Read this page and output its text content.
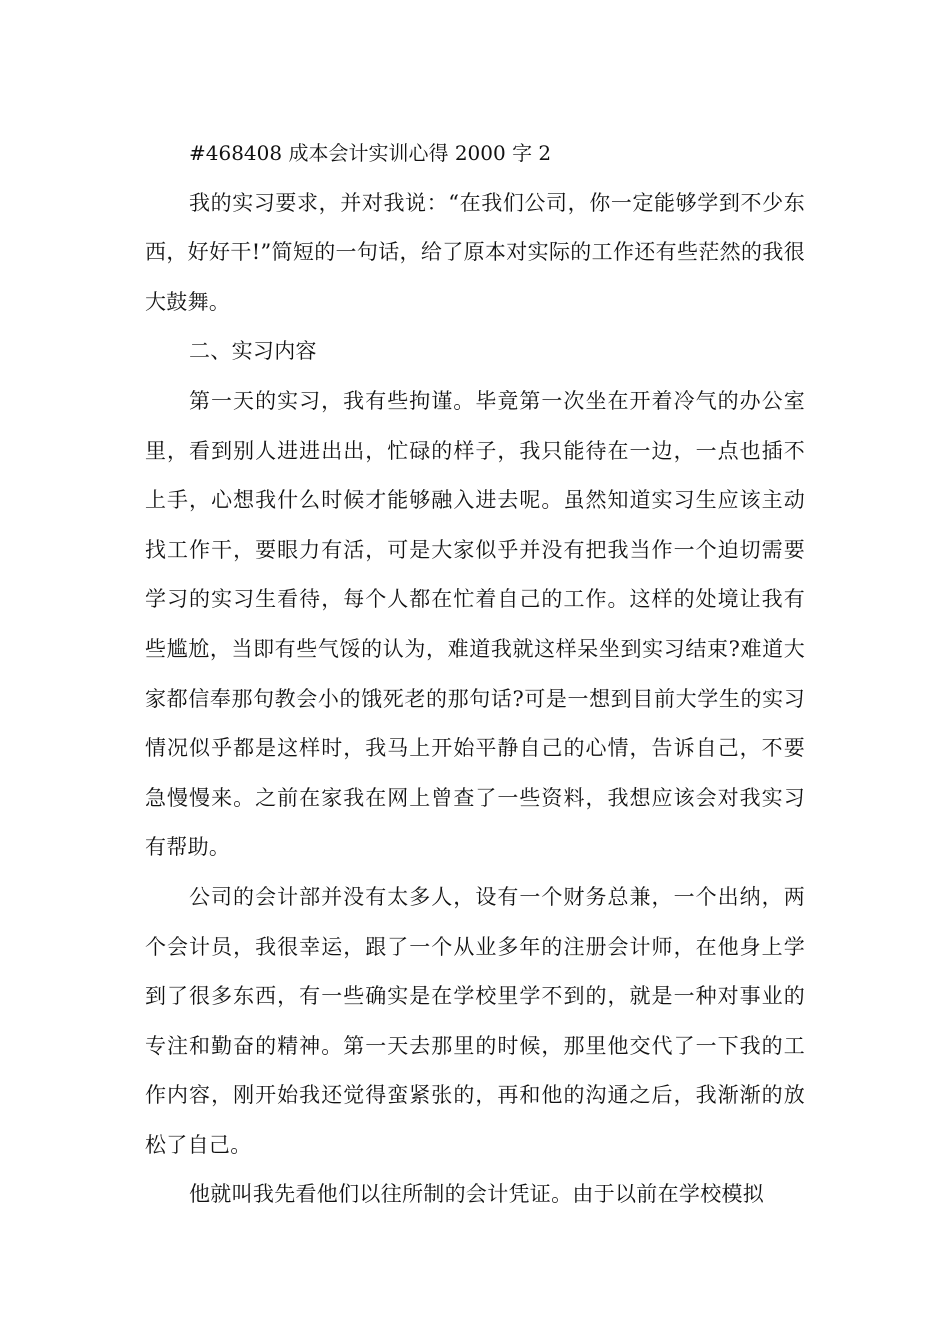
#468408 成本会计实训心得 2000 字 2

我的实习要求，并对我说：“在我们公司，你一定能够学到不少东西，好好干!”简短的一句话，给了原本对实际的工作还有些茫然的我很大鼓舞。

二、实习内容

第一天的实习，我有些拘谨。毕竟第一次坐在开着冷气的办公室里，看到别人进进出出，忙碌的样子，我只能待在一边，一点也插不上手，心想我什么时候才能够融入进去呢。虽然知道实习生应该主动找工作干，要眼力有活，可是大家似乎并没有把我当作一个迫切需要学习的实习生看待，每个人都在忙着自己的工作。这样的处境让我有些尴尬，当即有些气馁的认为，难道我就这样呆坐到实习结束?难道大家都信奉那句教会小的饿死老的那句话?可是一想到目前大学生的实习情况似乎都是这样时，我马上开始平静自己的心情，告诉自己，不要急慢慢来。之前在家我在网上曾查了一些资料，我想应该会对我实习有帮助。

公司的会计部并没有太多人，设有一个财务总兼，一个出纳，两个会计员，我很幸运，跟了一个从业多年的注册会计师，在他身上学到了很多东西，有一些确实是在学校里学不到的，就是一种对事业的专注和勤奋的精神。第一天去那里的时候，那里他交代了一下我的工作内容，刚开始我还觉得蛮紧张的，再和他的沟通之后，我渐渐的放松了自己。

他就叫我先看他们以往所制的会计凭证。由于以前在学校模拟
